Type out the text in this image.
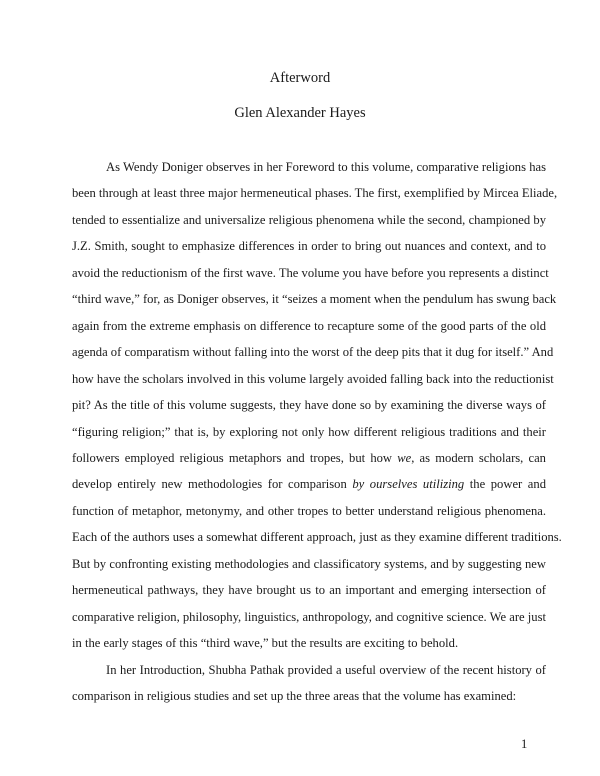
Afterword
Glen Alexander Hayes
As Wendy Doniger observes in her Foreword to this volume, comparative religions has
been through at least three major hermeneutical phases. The first, exemplified by Mircea Eliade,
tended to essentialize and universalize religious phenomena while the second, championed by
J.Z. Smith, sought to emphasize differences in order to bring out nuances and context, and to
avoid the reductionism of the first wave. The volume you have before you represents a distinct
“third wave,” for, as Doniger observes, it “seizes a moment when the pendulum has swung back
again from the extreme emphasis on difference to recapture some of the good parts of the old
agenda of comparatism without falling into the worst of the deep pits that it dug for itself.” And
how have the scholars involved in this volume largely avoided falling back into the reductionist
pit? As the title of this volume suggests, they have done so by examining the diverse ways of
“figuring religion;” that is, by exploring not only how different religious traditions and their
followers employed religious metaphors and tropes, but how we, as modern scholars, can
develop entirely new methodologies for comparison by ourselves utilizing the power and
function of metaphor, metonymy, and other tropes to better understand religious phenomena.
Each of the authors uses a somewhat different approach, just as they examine different traditions.
But by confronting existing methodologies and classificatory systems, and by suggesting new
hermeneutical pathways, they have brought us to an important and emerging intersection of
comparative religion, philosophy, linguistics, anthropology, and cognitive science. We are just
in the early stages of this “third wave,” but the results are exciting to behold.
In her Introduction, Shubha Pathak provided a useful overview of the recent history of
comparison in religious studies and set up the three areas that the volume has examined:
1
